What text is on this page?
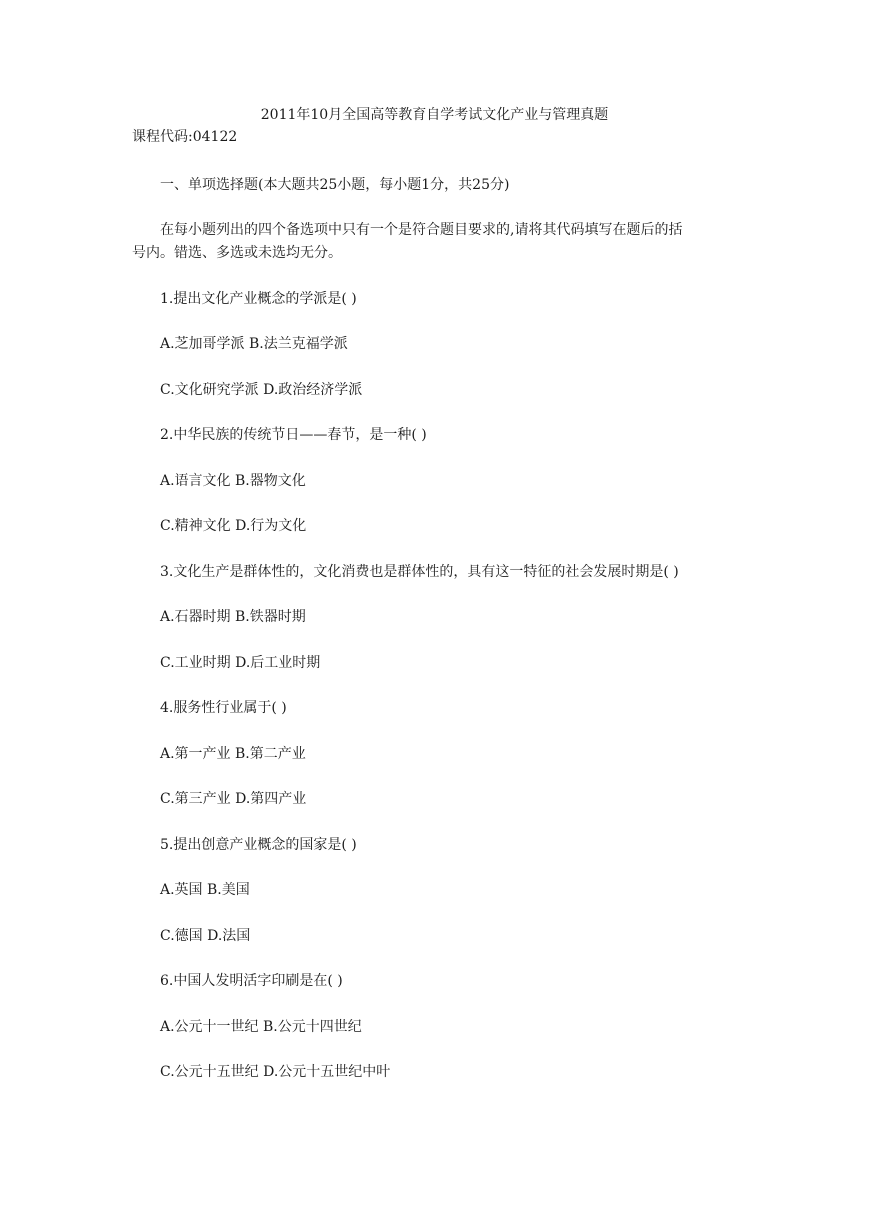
2011年10月全国高等教育自学考试文化产业与管理真题
课程代码:04122
一、单项选择题(本大题共25小题，每小题1分，共25分)
在每小题列出的四个备选项中只有一个是符合题目要求的,请将其代码填写在题后的括
号内。错选、多选或未选均无分。
1.提出文化产业概念的学派是( )
A.芝加哥学派 B.法兰克福学派
C.文化研究学派 D.政治经济学派
2.中华民族的传统节日——春节，是一种( )
A.语言文化 B.器物文化
C.精神文化 D.行为文化
3.文化生产是群体性的，文化消费也是群体性的，具有这一特征的社会发展时期是( )
A.石器时期 B.铁器时期
C.工业时期 D.后工业时期
4.服务性行业属于( )
A.第一产业 B.第二产业
C.第三产业 D.第四产业
5.提出创意产业概念的国家是( )
A.英国 B.美国
C.德国 D.法国
6.中国人发明活字印刷是在( )
A.公元十一世纪 B.公元十四世纪
C.公元十五世纪 D.公元十五世纪中叶
